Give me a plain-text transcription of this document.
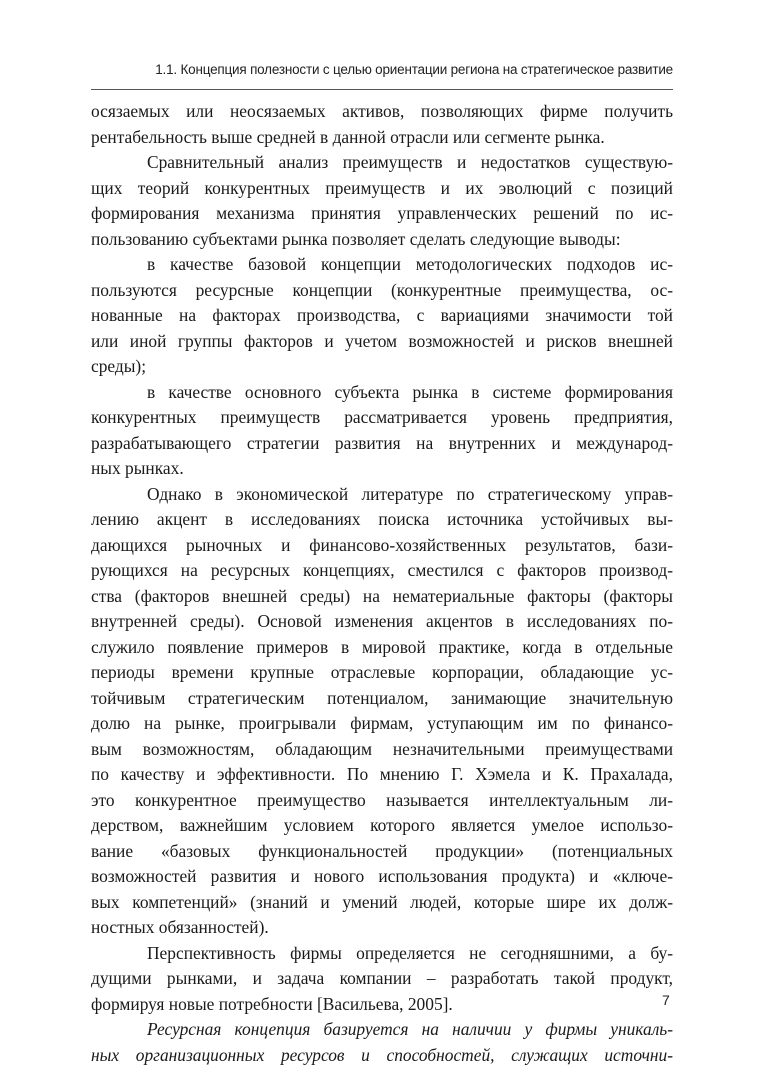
1.1. Концепция полезности с целью ориентации региона на стратегическое развитие

осязаемых или неосязаемых активов, позволяющих фирме получить

рентабельность выше средней в данной отрасли или сегменте рынка.

Сравнительный анализ преимуществ и недостатков существую-

щих теорий конкурентных преимуществ и их эволюций с позиций

формирования механизма принятия управленческих решений по ис-

пользованию субъектами рынка позволяет сделать следующие выводы:

в качестве базовой концепции методологических подходов ис-

пользуются ресурсные концепции (конкурентные преимущества, ос-

нованные на факторах производства, с вариациями значимости той

или иной группы факторов и учетом возможностей и рисков внешней

среды);

в качестве основного субъекта рынка в системе формирования

конкурентных преимуществ рассматривается уровень предприятия,

разрабатывающего стратегии развития на внутренних и международ-

ных рынках.

Однако в экономической литературе по стратегическому управ-

лению акцент в исследованиях поиска источника устойчивых вы-

дающихся рыночных и финансово-хозяйственных результатов, бази-

рующихся на ресурсных концепциях, сместился с факторов производ-

ства (факторов внешней среды) на нематериальные факторы (факторы

внутренней среды). Основой изменения акцентов в исследованиях по-

служило появление примеров в мировой практике, когда в отдельные

периоды времени крупные отраслевые корпорации, обладающие ус-

тойчивым стратегическим потенциалом, занимающие значительную

долю на рынке, проигрывали фирмам, уступающим им по финансо-

вым возможностям, обладающим незначительными преимуществами

по качеству и эффективности. По мнению Г. Хэмела и К. Прахалада,

это конкурентное преимущество называется интеллектуальным ли-

дерством, важнейшим условием которого является умелое использо-

вание «базовых функциональностей продукции» (потенциальных

возможностей развития и нового использования продукта) и «ключе-

вых компетенций» (знаний и умений людей, которые шире их долж-

ностных обязанностей).

Перспективность фирмы определяется не сегодняшними, а бу-

дущими рынками, и задача компании – разработать такой продукт,

формируя новые потребности [Васильева, 2005].

Ресурсная концепция базируется на наличии у фирмы уникаль-

ных организационных ресурсов и способностей, служащих источни-

7
